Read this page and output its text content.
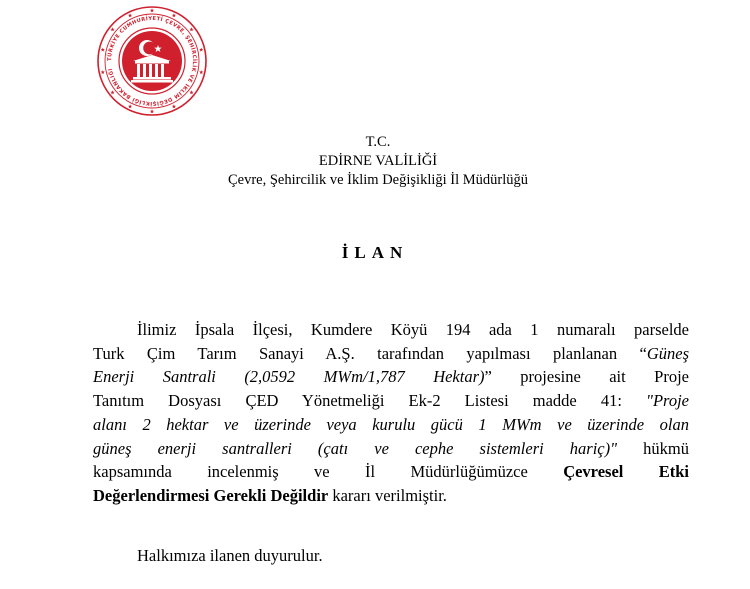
TÜRKİYE CUMHURİYETİ ÇEVRE, ŞEHİRCİLİK VE İKLİM DEĞİŞİKLİĞİ BAKANLIĞI
T.C.
EDİRNE VALİLİĞİ
Çevre, Şehircilik ve İklim Değişikliği İl Müdürlüğü
İLAN
İlimiz İpsala İlçesi, Kumdere Köyü 194 ada 1 numaralı parselde
Turk Çim Tarım Sanayi A.Ş. tarafından yapılması planlanan “Güneş
Enerji Santrali (2,0592 MWm/1,787 Hektar)” projesine ait Proje
Tanıtım Dosyası ÇED Yönetmeliği Ek-2 Listesi madde 41: "Proje
alanı 2 hektar ve üzerinde veya kurulu gücü 1 MWm ve üzerinde olan
güneş enerji santralleri (çatı ve cephe sistemleri hariç)" hükmü
kapsamında incelenmiş ve İl Müdürlüğümüzce Çevresel Etki
Değerlendirmesi Gerekli Değildir kararı verilmiştir.
Halkımıza ilanen duyurulur.
